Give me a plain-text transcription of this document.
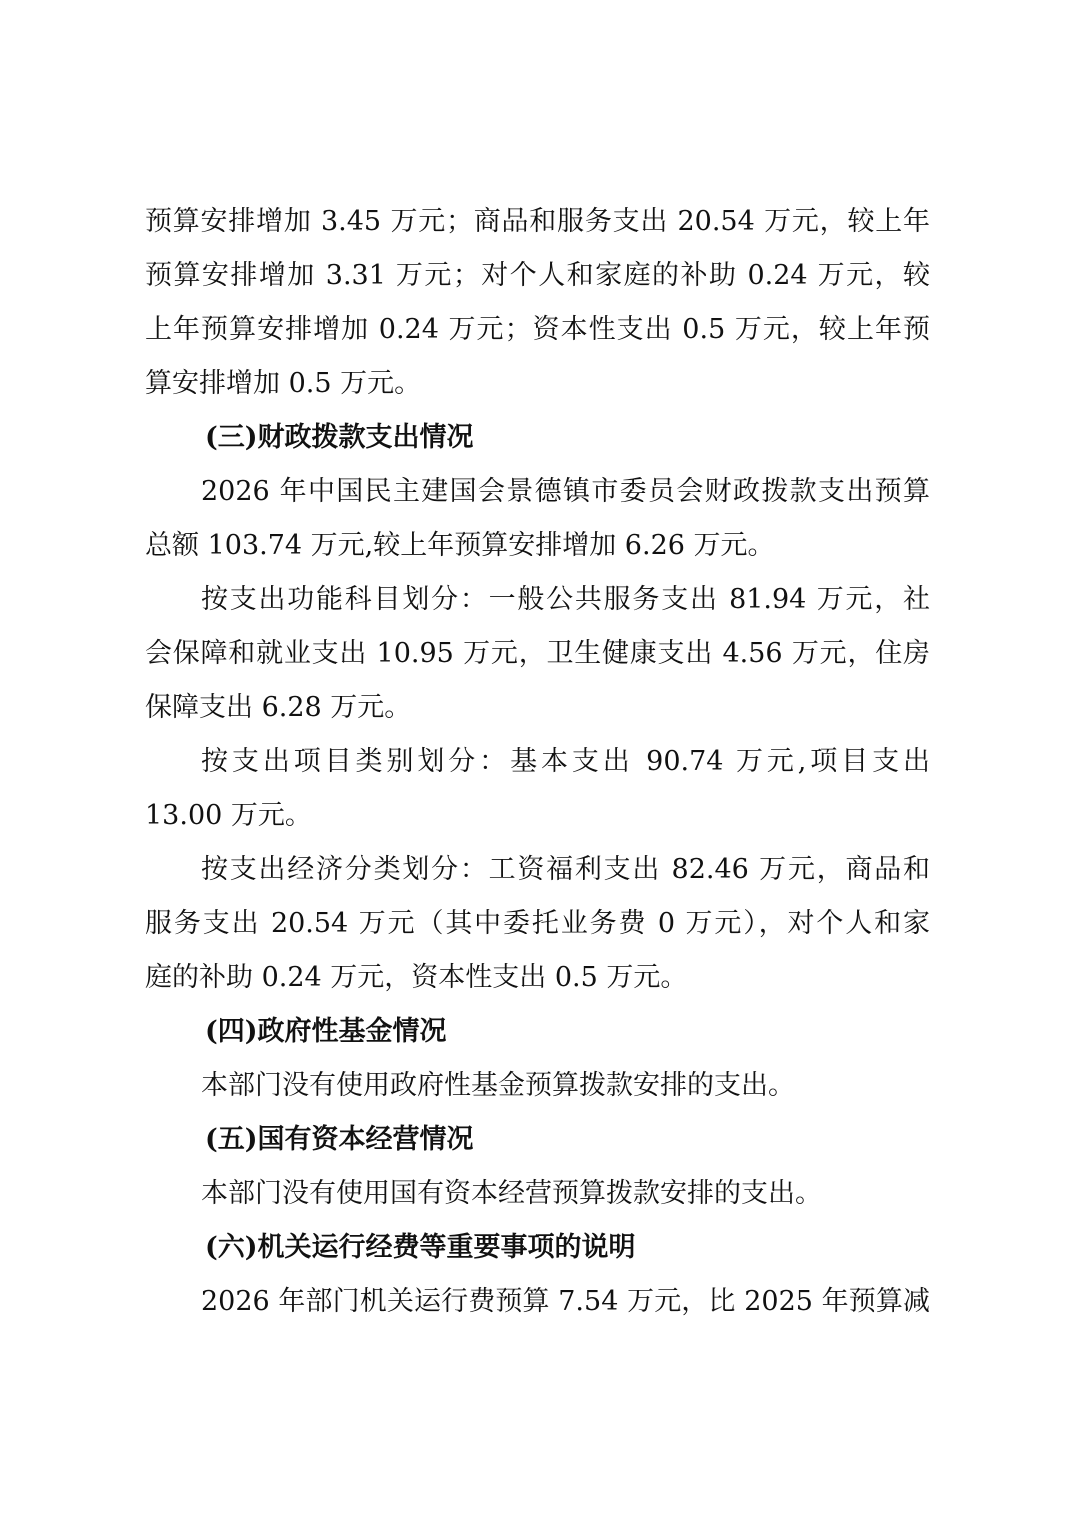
预算安排增加 3.45 万元；商品和服务支出 20.54 万元，较上年
预算安排增加 3.31 万元；对个人和家庭的补助 0.24 万元，较
上年预算安排增加 0.24 万元；资本性支出 0.5 万元，较上年预
算安排增加 0.5 万元。
(三)财政拨款支出情况
2026 年中国民主建国会景德镇市委员会财政拨款支出预算
总额 103.74 万元,较上年预算安排增加 6.26 万元。
按支出功能科目划分：一般公共服务支出 81.94 万元，社
会保障和就业支出 10.95 万元，卫生健康支出 4.56 万元，住房
保障支出 6.28 万元。
按支出项目类别划分：基本支出 90.74 万元,项目支出
13.00 万元。
按支出经济分类划分：工资福利支出 82.46 万元，商品和
服务支出 20.54 万元（其中委托业务费 0 万元），对个人和家
庭的补助 0.24 万元，资本性支出 0.5 万元。
(四)政府性基金情况
本部门没有使用政府性基金预算拨款安排的支出。
(五)国有资本经营情况
本部门没有使用国有资本经营预算拨款安排的支出。
(六)机关运行经费等重要事项的说明
2026 年部门机关运行费预算 7.54 万元，比 2025 年预算减
